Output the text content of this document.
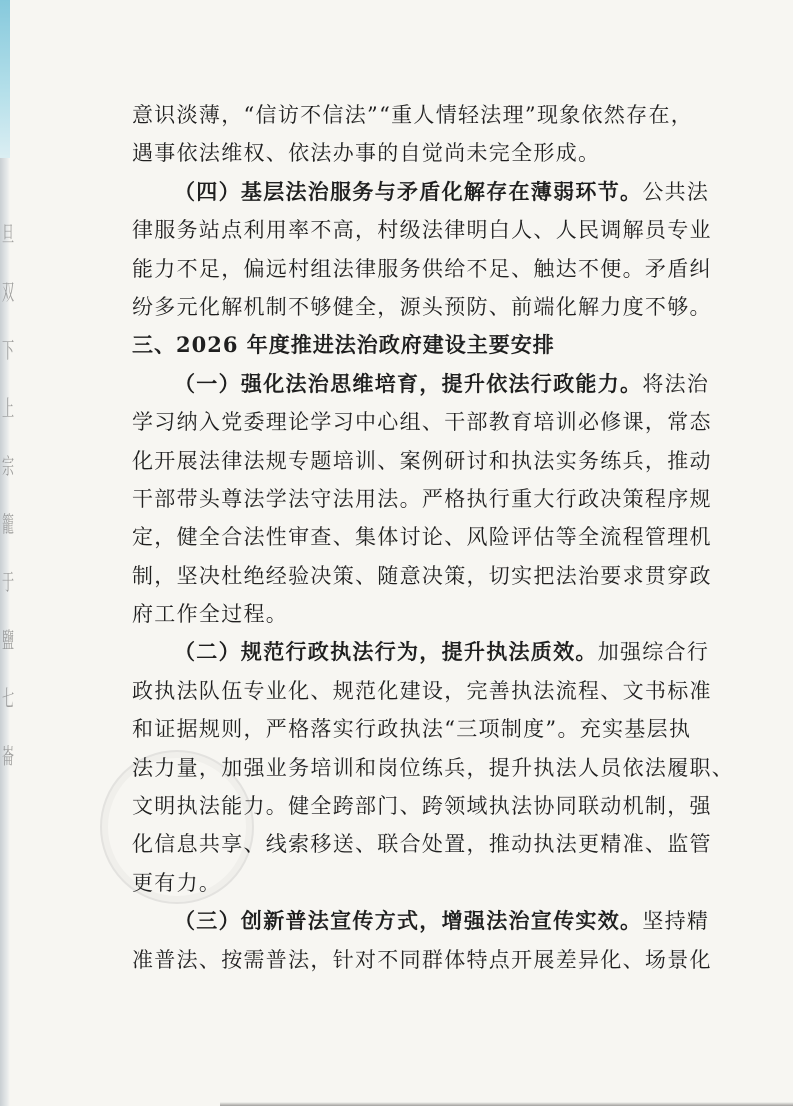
旦
双
下
上
宗
籠
于
鹽
七
崙
意识淡薄，“信访不信法”“重人情轻法理”现象依然存在，
遇事依法维权、依法办事的自觉尚未完全形成。
（四）基层法治服务与矛盾化解存在薄弱环节。公共法
律服务站点利用率不高，村级法律明白人、人民调解员专业
能力不足，偏远村组法律服务供给不足、触达不便。矛盾纠
纷多元化解机制不够健全，源头预防、前端化解力度不够。
三、2026 年度推进法治政府建设主要安排
（一）强化法治思维培育，提升依法行政能力。将法治
学习纳入党委理论学习中心组、干部教育培训必修课，常态
化开展法律法规专题培训、案例研讨和执法实务练兵，推动
干部带头尊法学法守法用法。严格执行重大行政决策程序规
定，健全合法性审查、集体讨论、风险评估等全流程管理机
制，坚决杜绝经验决策、随意决策，切实把法治要求贯穿政
府工作全过程。
（二）规范行政执法行为，提升执法质效。加强综合行
政执法队伍专业化、规范化建设，完善执法流程、文书标准
和证据规则，严格落实行政执法“三项制度”。充实基层执
法力量，加强业务培训和岗位练兵，提升执法人员依法履职、
文明执法能力。健全跨部门、跨领域执法协同联动机制，强
化信息共享、线索移送、联合处置，推动执法更精准、监管
更有力。
（三）创新普法宣传方式，增强法治宣传实效。坚持精
准普法、按需普法，针对不同群体特点开展差异化、场景化
